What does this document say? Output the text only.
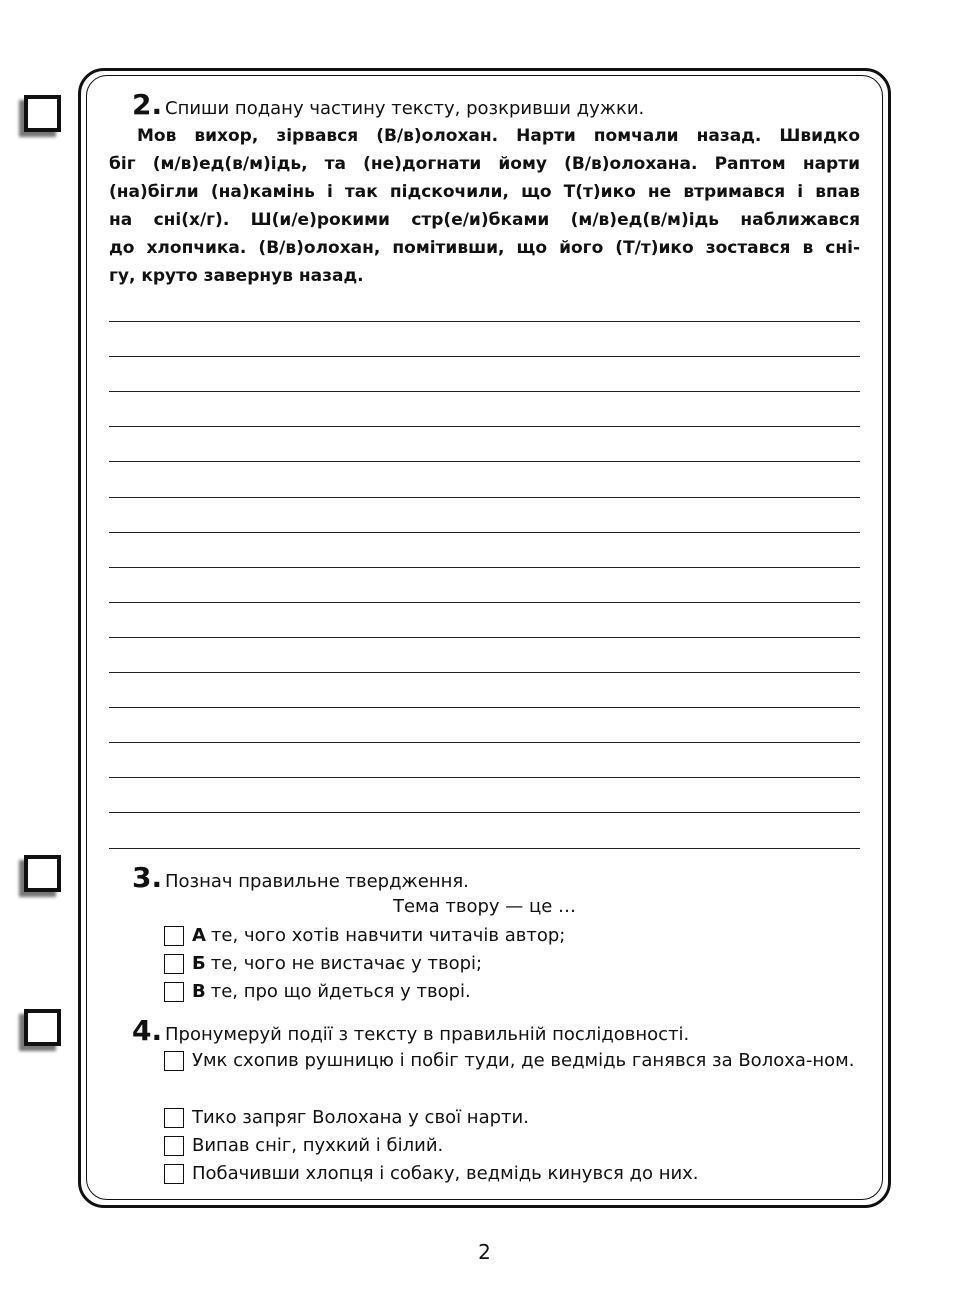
2. Спиши подану частину тексту, розкривши дужки.
Мов вихор, зірвався (В/в)олохан. Нарти помчали назад. Швидко
біг (м/в)ед(в/м)ідь, та (не)догнати йому (В/в)олохана. Раптом нарти
(на)бігли (на)камінь і так підскочили, що Т(т)ико не втримався і впав
на сні(х/г). Ш(и/е)рокими стр(е/и)бками (м/в)ед(в/м)ідь наближався
до хлопчика. (В/в)олохан, помітивши, що його (Т/т)ико зостався в сні-
гу, круто завернув назад.
3. Познач правильне твердження.
Тема твору — це …
А те, чого хотів навчити читачів автор;
Б те, чого не вистачає у творі;
В те, про що йдеться у творі.
4. Пронумеруй події з тексту в правильній послідовності.
Умк схопив рушницю і побіг туди, де ведмідь ганявся за Волоха-ном.
Тико запряг Волохана у свої нарти.
Випав сніг, пухкий і білий.
Побачивши хлопця і собаку, ведмідь кинувся до них.
2
